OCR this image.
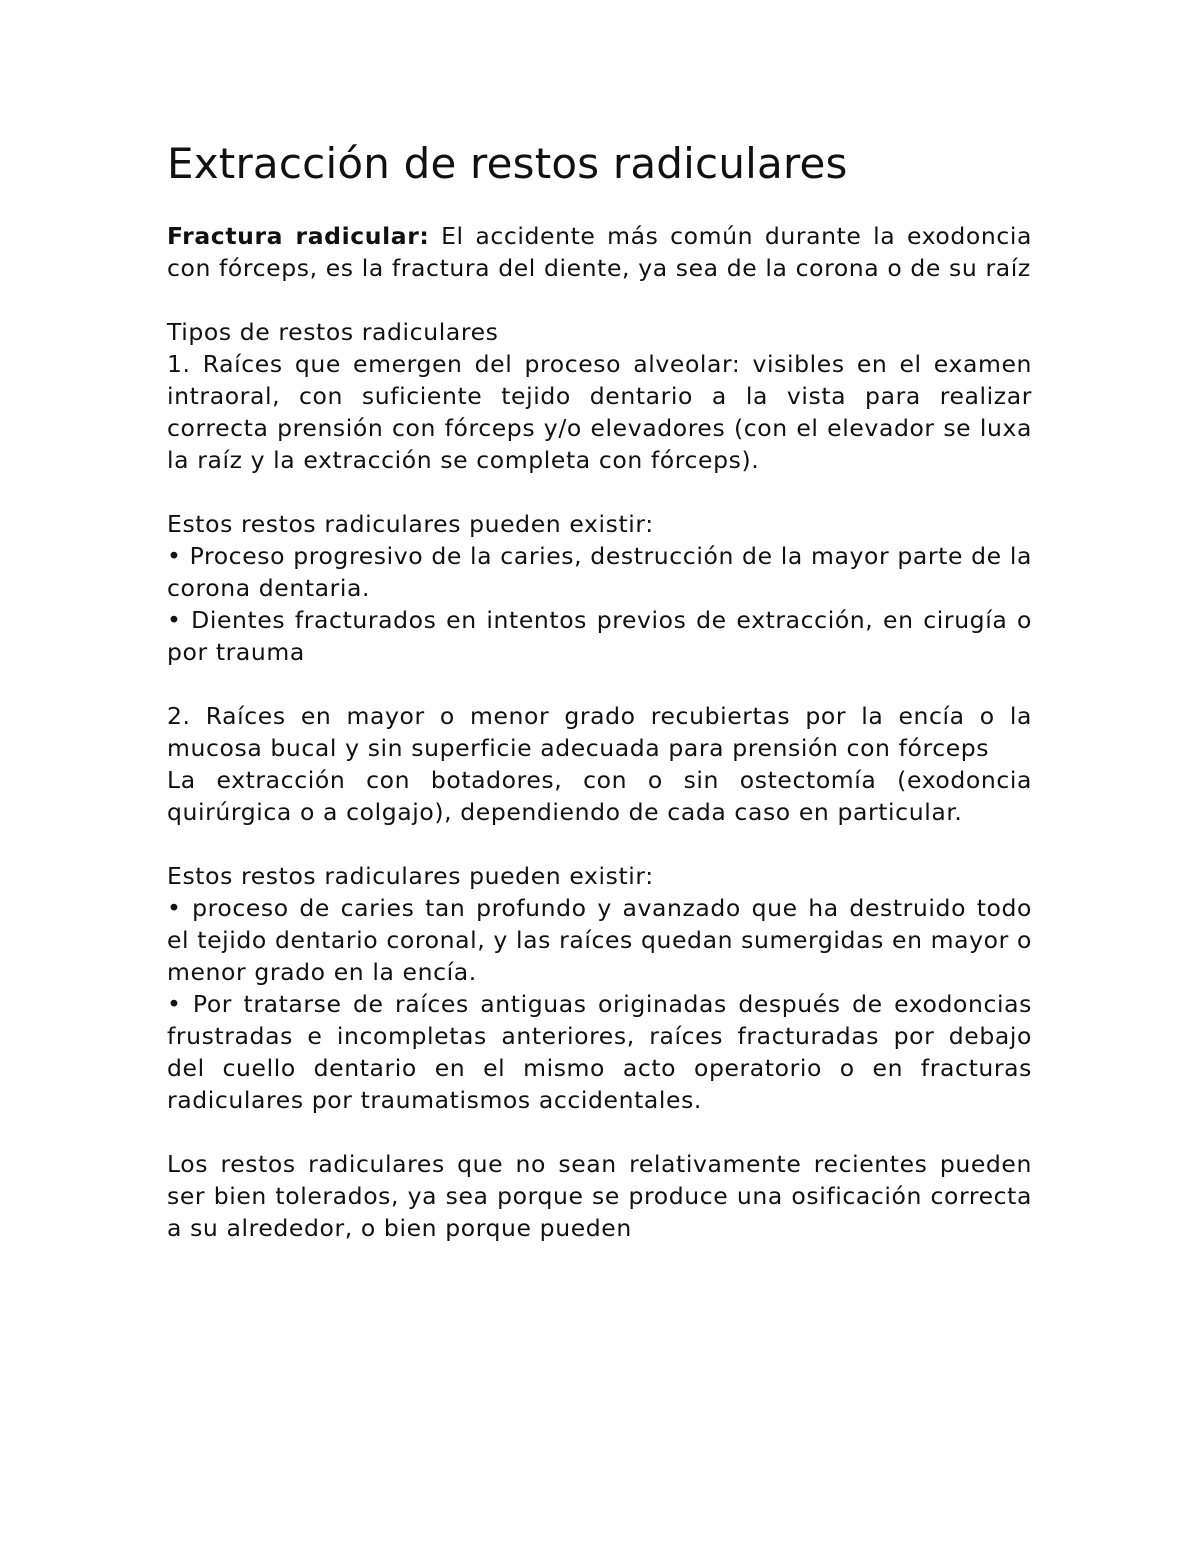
Extracción de restos radiculares

Fractura radicular: El accidente más común durante la exodoncia con fórceps, es la fractura del diente, ya sea de la corona o de su raíz

Tipos de restos radiculares

1. Raíces que emergen del proceso alveolar: visibles en el examen intraoral, con suficiente tejido dentario a la vista para realizar correcta prensión con fórceps y/o elevadores (con el elevador se luxa la raíz y la extracción se completa con fórceps).

Estos restos radiculares pueden existir:

• Proceso progresivo de la caries, destrucción de la mayor parte de la corona dentaria.

• Dientes fracturados en intentos previos de extracción, en cirugía o por trauma

2. Raíces en mayor o menor grado recubiertas por la encía o la mucosa bucal y sin superficie adecuada para prensión con fórceps

La extracción con botadores, con o sin ostectomía (exodoncia quirúrgica o a colgajo), dependiendo de cada caso en particular.

Estos restos radiculares pueden existir:

• proceso de caries tan profundo y avanzado que ha destruido todo el tejido dentario coronal, y las raíces quedan sumergidas en mayor o menor grado en la encía.

• Por tratarse de raíces antiguas originadas después de exodoncias frustradas e incompletas anteriores, raíces fracturadas por debajo del cuello dentario en el mismo acto operatorio o en fracturas radiculares por traumatismos accidentales.

Los restos radiculares que no sean relativamente recientes pueden ser bien tolerados, ya sea porque se produce una osificación correcta a su alrededor, o bien porque pueden
